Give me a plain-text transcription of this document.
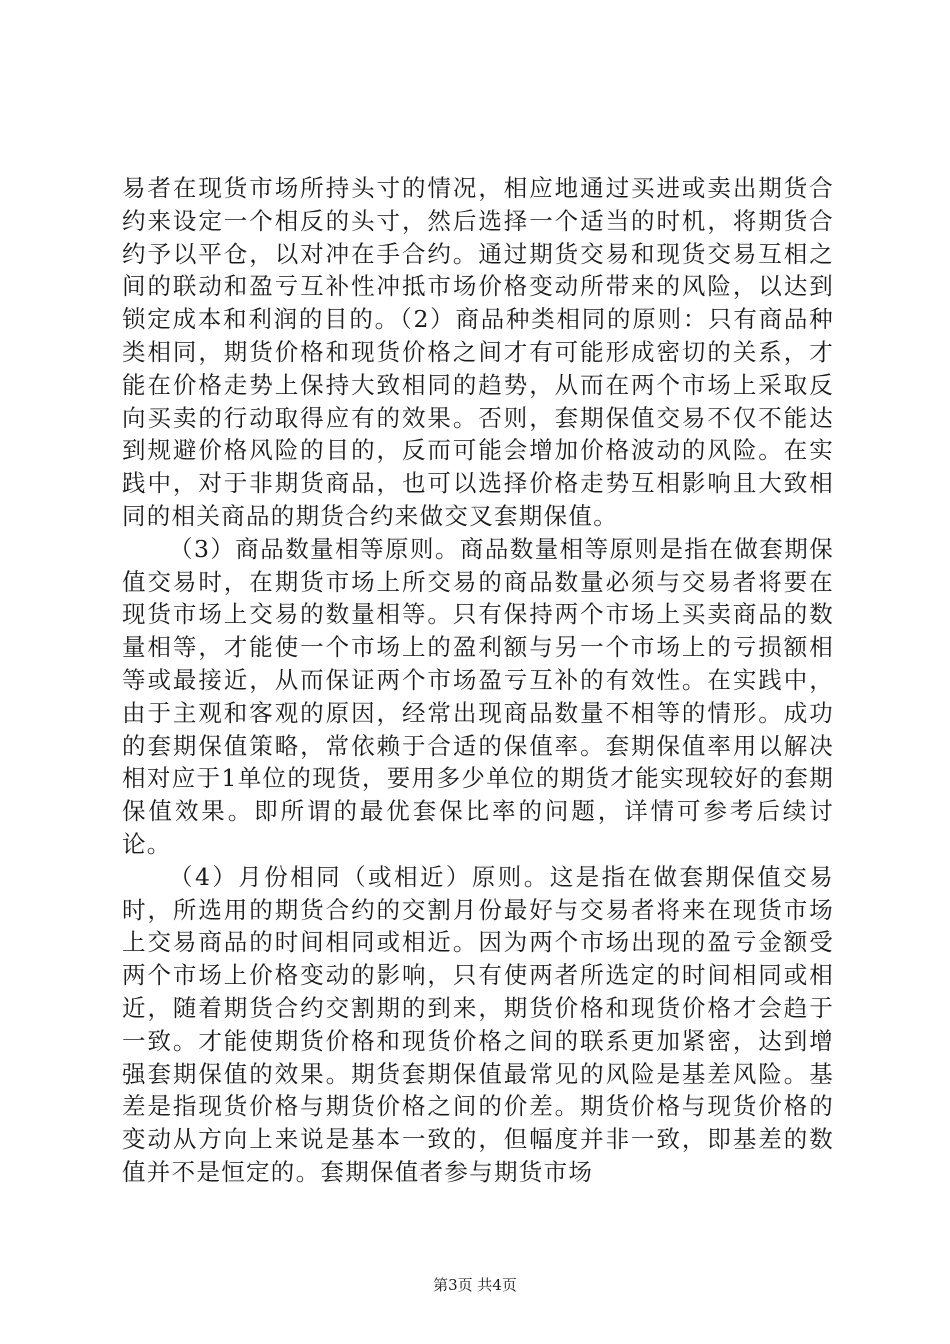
易者在现货市场所持头寸的情况，相应地通过买进或卖出期货合约来设定一个相反的头寸，然后选择一个适当的时机，将期货合约予以平仓，以对冲在手合约。通过期货交易和现货交易互相之间的联动和盈亏互补性冲抵市场价格变动所带来的风险，以达到锁定成本和利润的目的。（2）商品种类相同的原则：只有商品种类相同，期货价格和现货价格之间才有可能形成密切的关系，才能在价格走势上保持大致相同的趋势，从而在两个市场上采取反向买卖的行动取得应有的效果。否则，套期保值交易不仅不能达到规避价格风险的目的，反而可能会增加价格波动的风险。在实践中，对于非期货商品，也可以选择价格走势互相影响且大致相同的相关商品的期货合约来做交叉套期保值。

（3）商品数量相等原则。商品数量相等原则是指在做套期保值交易时，在期货市场上所交易的商品数量必须与交易者将要在现货市场上交易的数量相等。只有保持两个市场上买卖商品的数量相等，才能使一个市场上的盈利额与另一个市场上的亏损额相等或最接近，从而保证两个市场盈亏互补的有效性。在实践中，由于主观和客观的原因，经常出现商品数量不相等的情形。成功的套期保值策略，常依赖于合适的保值率。套期保值率用以解决相对应于1单位的现货，要用多少单位的期货才能实现较好的套期保值效果。即所谓的最优套保比率的问题，详情可参考后续讨论。

（4）月份相同（或相近）原则。这是指在做套期保值交易时，所选用的期货合约的交割月份最好与交易者将来在现货市场上交易商品的时间相同或相近。因为两个市场出现的盈亏金额受两个市场上价格变动的影响，只有使两者所选定的时间相同或相近，随着期货合约交割期的到来，期货价格和现货价格才会趋于一致。才能使期货价格和现货价格之间的联系更加紧密，达到增强套期保值的效果。期货套期保值最常见的风险是基差风险。基差是指现货价格与期货价格之间的价差。期货价格与现货价格的变动从方向上来说是基本一致的，但幅度并非一致，即基差的数值并不是恒定的。套期保值者参与期货市场

第3页 共4页
